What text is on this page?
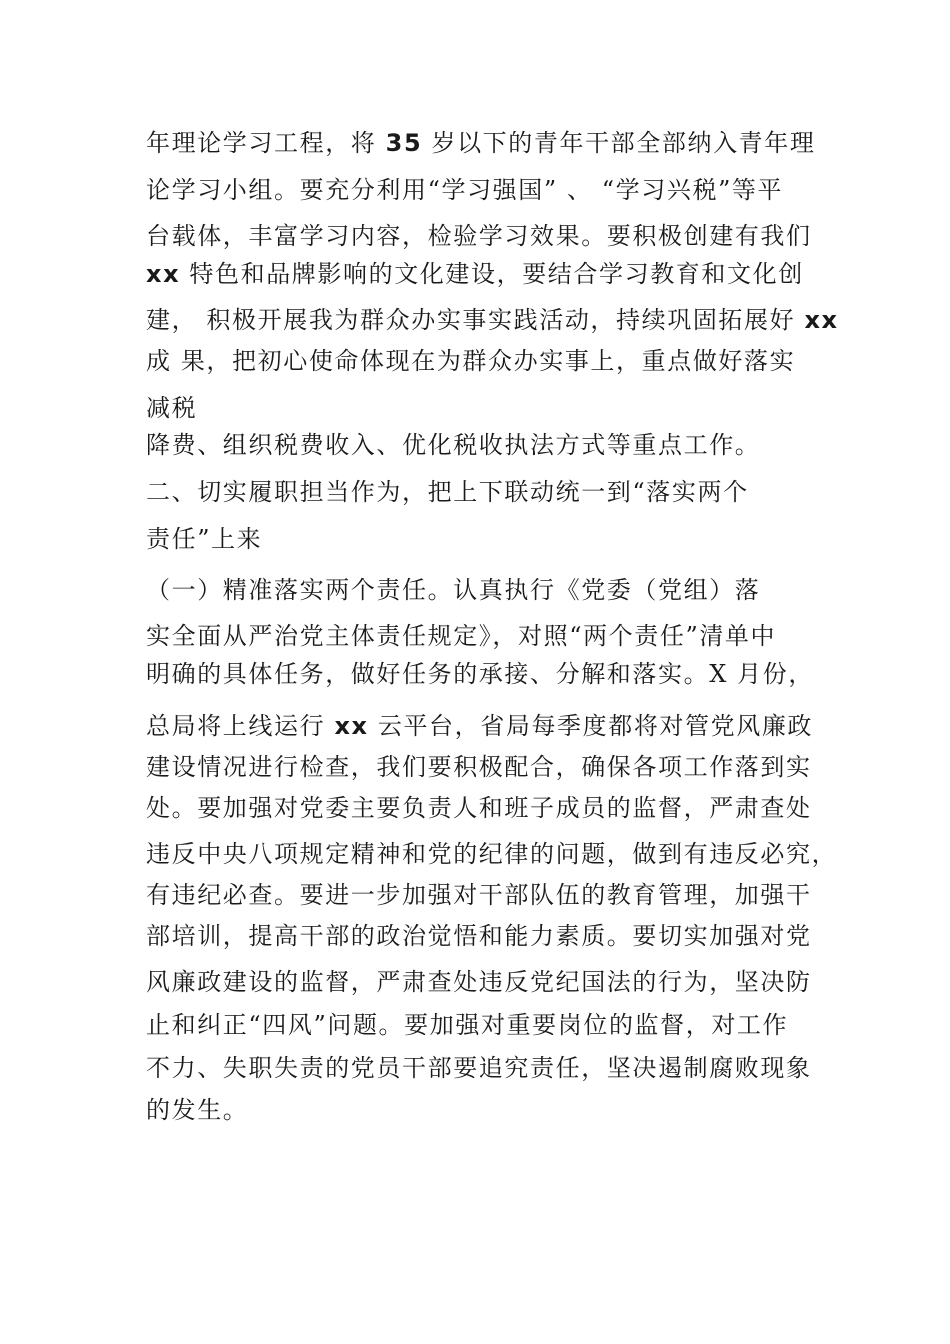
年理论学习工程，将 35 岁以下的青年干部全部纳入青年理
论学习小组。要充分利用“学习强国” 、 “学习兴税”等平
台载体，丰富学习内容，检验学习效果。要积极创建有我们
xx 特色和品牌影响的文化建设，要结合学习教育和文化创
建， 积极开展我为群众办实事实践活动，持续巩固拓展好 xx
成 果，把初心使命体现在为群众办实事上，重点做好落实
减税
降费、组织税费收入、优化税收执法方式等重点工作。
二、切实履职担当作为，把上下联动统一到“落实两个
责任”上来
（一）精准落实两个责任。认真执行《党委（党组）落
实全面从严治党主体责任规定》，对照“两个责任”清单中
明确的具体任务，做好任务的承接、分解和落实。X 月份，
总局将上线运行 xx 云平台，省局每季度都将对管党风廉政
建设情况进行检查，我们要积极配合，确保各项工作落到实
处。要加强对党委主要负责人和班子成员的监督，严肃查处
违反中央八项规定精神和党的纪律的问题，做到有违反必究，
有违纪必查。要进一步加强对干部队伍的教育管理，加强干
部培训，提高干部的政治觉悟和能力素质。要切实加强对党
风廉政建设的监督，严肃查处违反党纪国法的行为，坚决防
止和纠正“四风”问题。要加强对重要岗位的监督，对工作
不力、失职失责的党员干部要追究责任，坚决遏制腐败现象
的发生。
